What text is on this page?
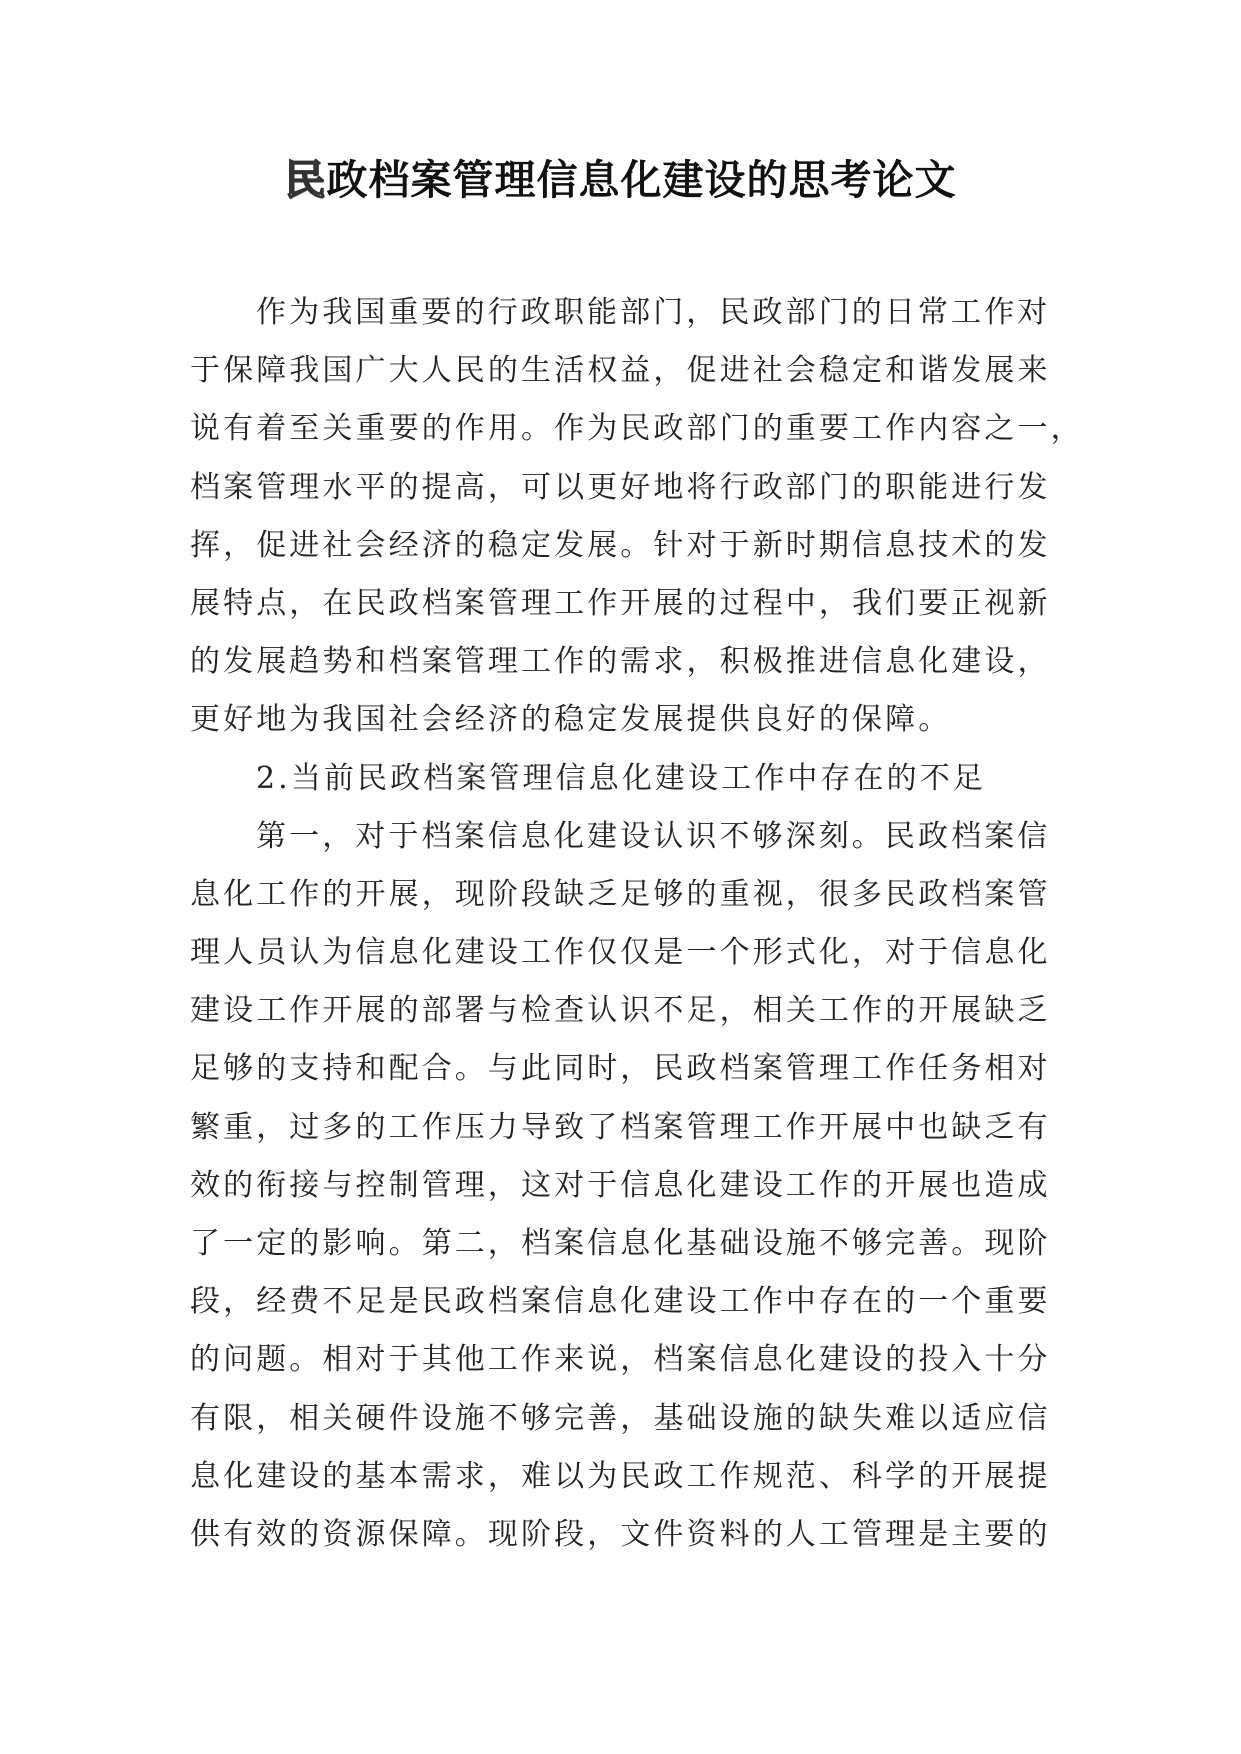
民政档案管理信息化建设的思考论文

作为我国重要的行政职能部门，民政部门的日常工作对
于保障我国广大人民的生活权益，促进社会稳定和谐发展来
说有着至关重要的作用。作为民政部门的重要工作内容之一，
档案管理水平的提高，可以更好地将行政部门的职能进行发
挥，促进社会经济的稳定发展。针对于新时期信息技术的发
展特点，在民政档案管理工作开展的过程中，我们要正视新
的发展趋势和档案管理工作的需求，积极推进信息化建设，
更好地为我国社会经济的稳定发展提供良好的保障。

2.当前民政档案管理信息化建设工作中存在的不足

第一，对于档案信息化建设认识不够深刻。民政档案信
息化工作的开展，现阶段缺乏足够的重视，很多民政档案管
理人员认为信息化建设工作仅仅是一个形式化，对于信息化
建设工作开展的部署与检查认识不足，相关工作的开展缺乏
足够的支持和配合。与此同时，民政档案管理工作任务相对
繁重，过多的工作压力导致了档案管理工作开展中也缺乏有
效的衔接与控制管理，这对于信息化建设工作的开展也造成
了一定的影响。第二，档案信息化基础设施不够完善。现阶
段，经费不足是民政档案信息化建设工作中存在的一个重要
的问题。相对于其他工作来说，档案信息化建设的投入十分
有限，相关硬件设施不够完善，基础设施的缺失难以适应信
息化建设的基本需求，难以为民政工作规范、科学的开展提
供有效的资源保障。现阶段，文件资料的人工管理是主要的
